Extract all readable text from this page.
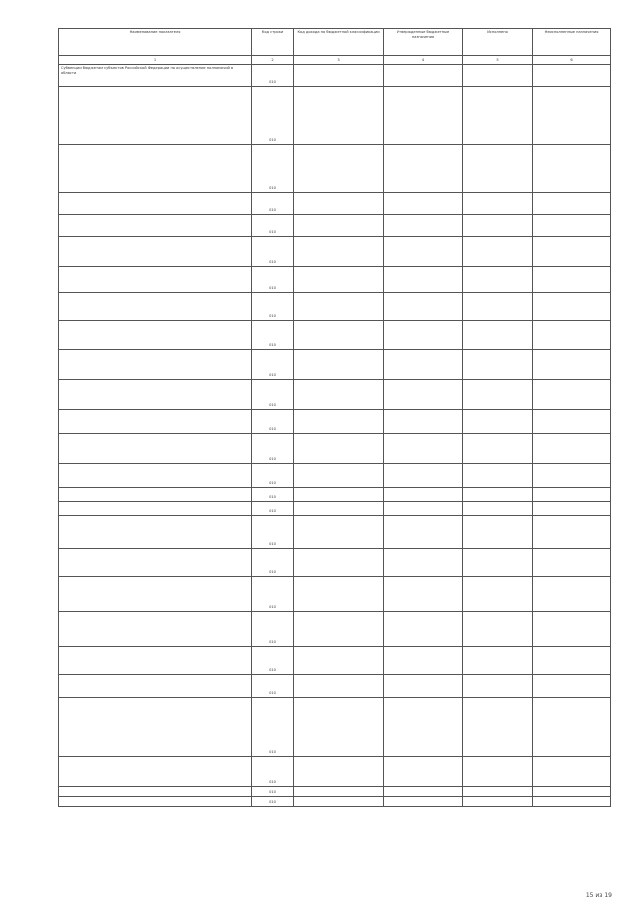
Наименование показателя	Код строки	Код дохода по бюджетной классификации	Утвержденные бюджетные назначения	Исполнено	Неисполненные назначения
1	2	3	4	5	6
Субвенции бюджетам субъектов Российской Федерации на осуществление полномочий в области	010				
	010				
	010				
	010				
	010				
	010				
	010				
	010				
	010				
	010				
	010				
	010				
	010				
	010				
	010				
	010				
	010				
	010				
	010				
	010				
	010				
	010				
	010				
	010				
	010				
	010				
15 из 19
